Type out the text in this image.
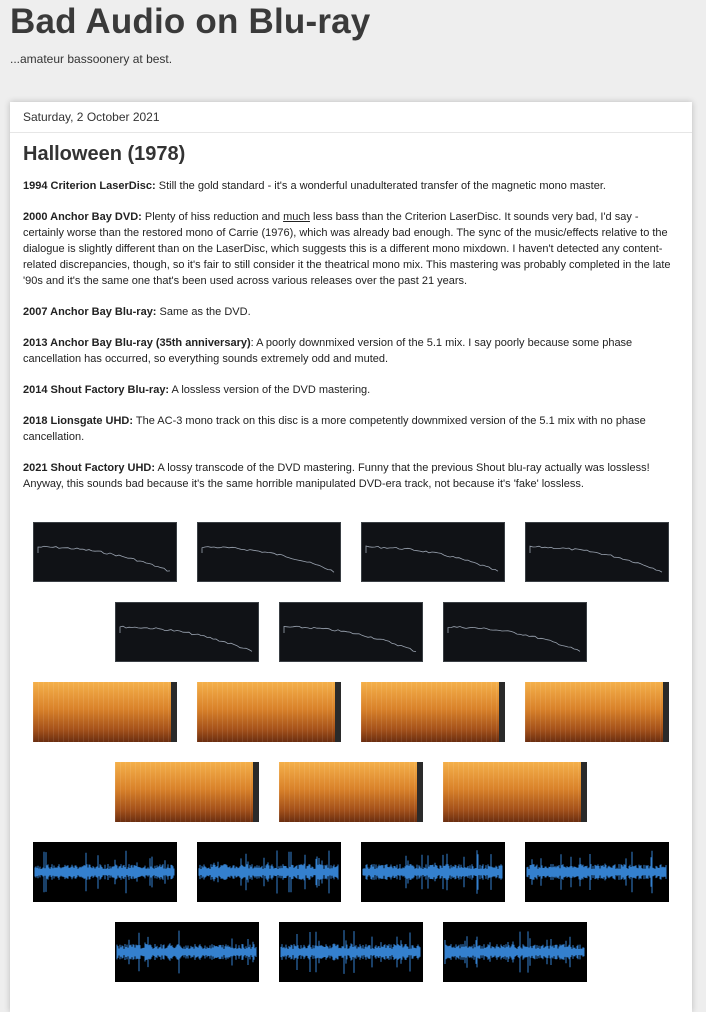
Bad Audio on Blu-ray
...amateur bassoonery at best.
Saturday, 2 October 2021
Halloween (1978)

1994 Criterion LaserDisc: Still the gold standard - it's a wonderful unadulterated transfer of the magnetic mono master.

2000 Anchor Bay DVD: Plenty of hiss reduction and much less bass than the Criterion LaserDisc. It sounds very bad, I'd say - certainly worse than the restored mono of Carrie (1976), which was already bad enough. The sync of the music/effects relative to the dialogue is slightly different than on the LaserDisc, which suggests this is a different mono mixdown. I haven't detected any content-related discrepancies, though, so it's fair to still consider it the theatrical mono mix. This mastering was probably completed in the late '90s and it's the same one that's been used across various releases over the past 21 years.

2007 Anchor Bay Blu-ray: Same as the DVD.

2013 Anchor Bay Blu-ray (35th anniversary): A poorly downmixed version of the 5.1 mix. I say poorly because some phase cancellation has occurred, so everything sounds extremely odd and muted.

2014 Shout Factory Blu-ray: A lossless version of the DVD mastering.

2018 Lionsgate UHD: The AC-3 mono track on this disc is a more competently downmixed version of the 5.1 mix with no phase cancellation.

2021 Shout Factory UHD: A lossy transcode of the DVD mastering. Funny that the previous Shout blu-ray actually was lossless! Anyway, this sounds bad because it's the same horrible manipulated DVD-era track, not because it's 'fake' lossless.
